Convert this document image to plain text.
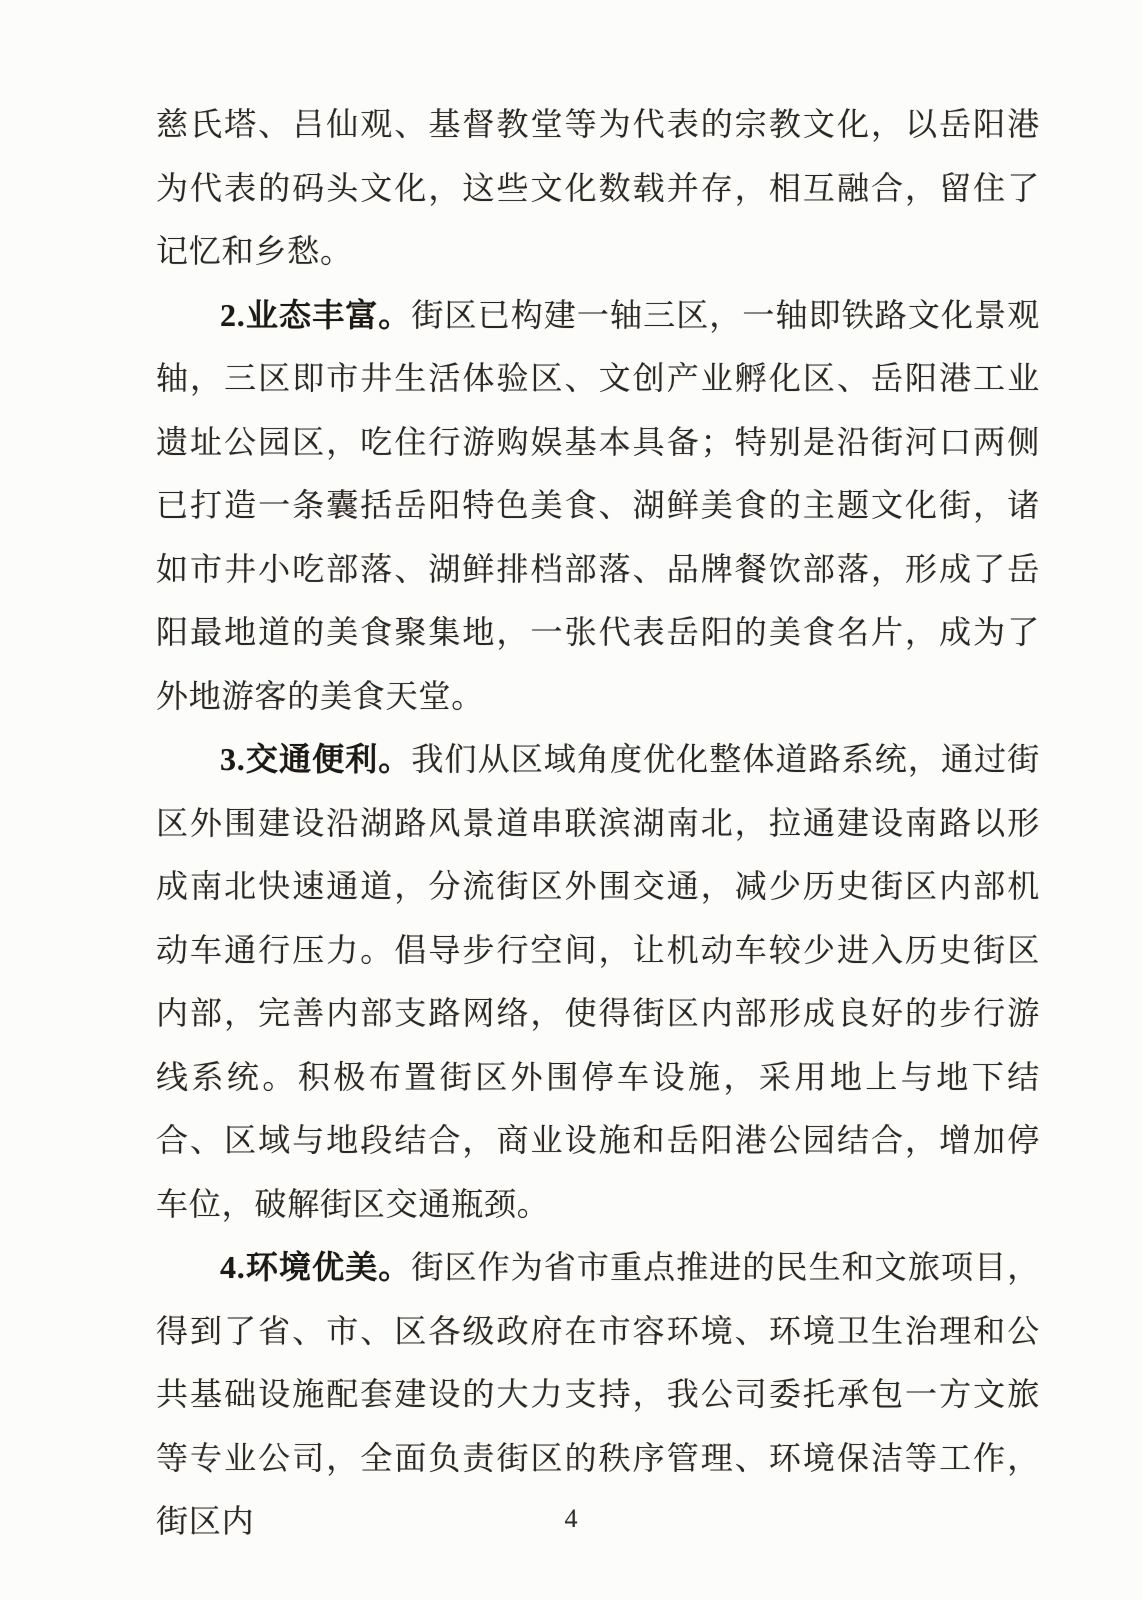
慈氏塔、吕仙观、基督教堂等为代表的宗教文化，以岳阳港为代表的码头文化，这些文化数载并存，相互融合，留住了记忆和乡愁。

2.业态丰富。街区已构建一轴三区，一轴即铁路文化景观轴，三区即市井生活体验区、文创产业孵化区、岳阳港工业遗址公园区，吃住行游购娱基本具备；特别是沿街河口两侧已打造一条囊括岳阳特色美食、湖鲜美食的主题文化街，诸如市井小吃部落、湖鲜排档部落、品牌餐饮部落，形成了岳阳最地道的美食聚集地，一张代表岳阳的美食名片，成为了外地游客的美食天堂。

3.交通便利。我们从区域角度优化整体道路系统，通过街区外围建设沿湖路风景道串联滨湖南北，拉通建设南路以形成南北快速通道，分流街区外围交通，减少历史街区内部机动车通行压力。倡导步行空间，让机动车较少进入历史街区内部，完善内部支路网络，使得街区内部形成良好的步行游线系统。积极布置街区外围停车设施，采用地上与地下结合、区域与地段结合，商业设施和岳阳港公园结合，增加停车位，破解街区交通瓶颈。

4.环境优美。街区作为省市重点推进的民生和文旅项目，得到了省、市、区各级政府在市容环境、环境卫生治理和公共基础设施配套建设的大力支持，我公司委托承包一方文旅等专业公司，全面负责街区的秩序管理、环境保洁等工作，街区内	4
